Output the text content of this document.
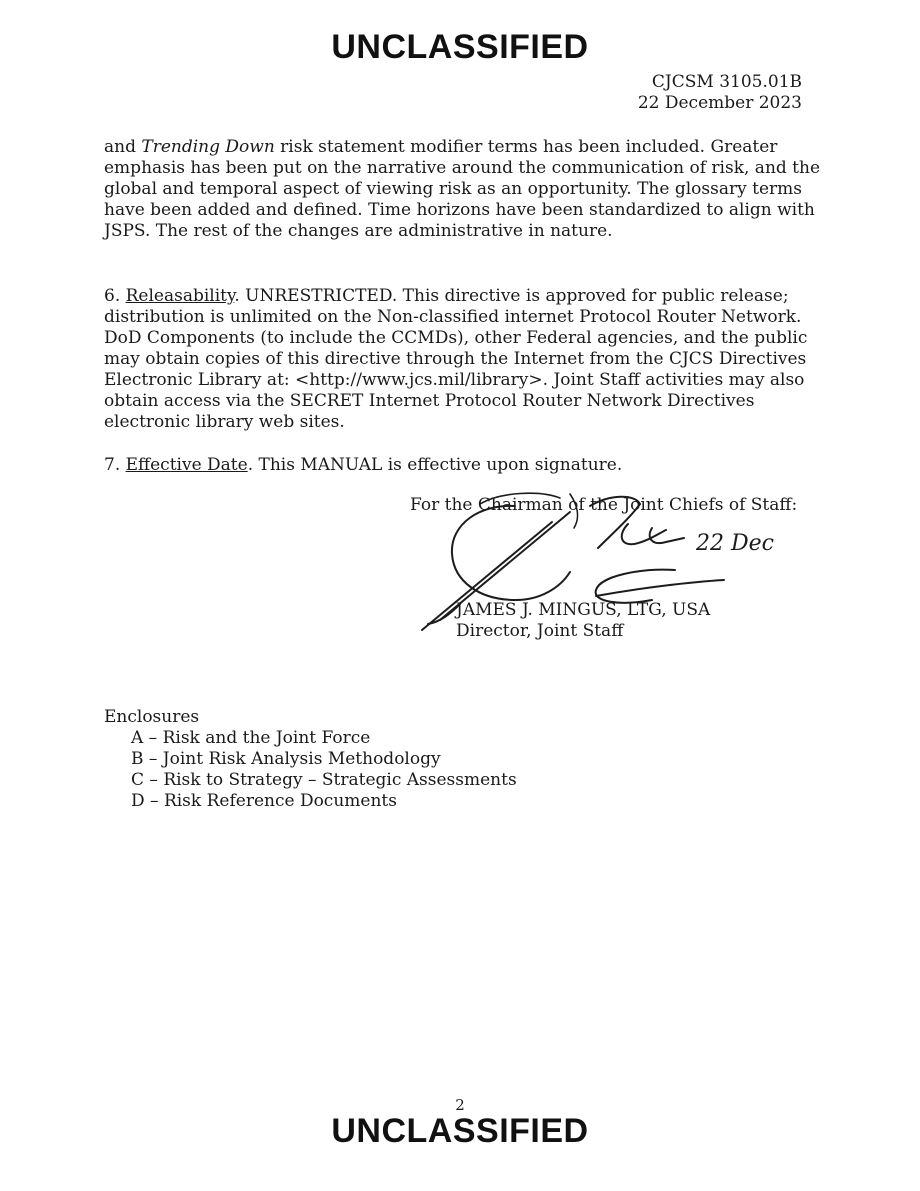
UNCLASSIFIED
CJCSM 3105.01B
22 December 2023

and Trending Down risk statement modifier terms has been included. Greater emphasis has been put on the narrative around the communication of risk, and the global and temporal aspect of viewing risk as an opportunity. The glossary terms have been added and defined. Time horizons have been standardized to align with JSPS. The rest of the changes are administrative in nature.

6. Releasability. UNRESTRICTED. This directive is approved for public release; distribution is unlimited on the Non-classified internet Protocol Router Network. DoD Components (to include the CCMDs), other Federal agencies, and the public may obtain copies of this directive through the Internet from the CJCS Directives Electronic Library at: <http://www.jcs.mil/library>. Joint Staff activities may also obtain access via the SECRET Internet Protocol Router Network Directives electronic library web sites.

7. Effective Date. This MANUAL is effective upon signature.

For the Chairman of the Joint Chiefs of Staff:
22 Dec
JAMES J. MINGUS, LTG, USA
Director, Joint Staff
Enclosures
A – Risk and the Joint Force
B – Joint Risk Analysis Methodology
C – Risk to Strategy – Strategic Assessments
D – Risk Reference Documents
2
UNCLASSIFIED
